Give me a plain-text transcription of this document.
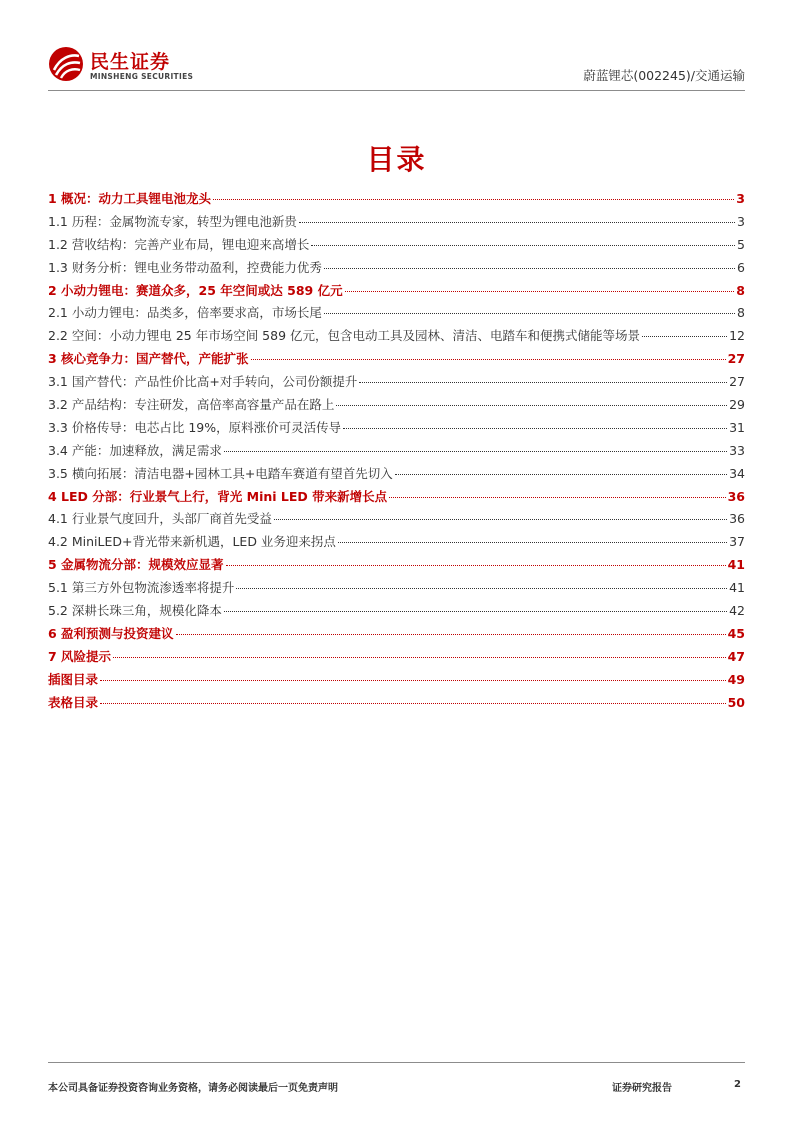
民生证券
MINSHENG SECURITIES	蔚蓝锂芯(002245)/交通运输
目录
1 概况：动力工具锂电池龙头	3
1.1 历程：金属物流专家，转型为锂电池新贵	3
1.2 营收结构：完善产业布局，锂电迎来高增长	5
1.3 财务分析：锂电业务带动盈利，控费能力优秀	6
2 小动力锂电：赛道众多，25 年空间或达 589 亿元	8
2.1 小动力锂电：品类多，倍率要求高，市场长尾	8
2.2 空间：小动力锂电 25 年市场空间 589 亿元，包含电动工具及园林、清洁、电踏车和便携式储能等场景	12
3 核心竞争力：国产替代，产能扩张	27
3.1 国产替代：产品性价比高+对手转向，公司份额提升	27
3.2 产品结构：专注研发，高倍率高容量产品在路上	29
3.3 价格传导：电芯占比 19%，原料涨价可灵活传导	31
3.4 产能：加速释放，满足需求	33
3.5 横向拓展：清洁电器+园林工具+电踏车赛道有望首先切入	34
4 LED 分部：行业景气上行，背光 Mini LED 带来新增长点	36
4.1 行业景气度回升，头部厂商首先受益	36
4.2 MiniLED+背光带来新机遇，LED 业务迎来拐点	37
5 金属物流分部：规模效应显著	41
5.1 第三方外包物流渗透率将提升	41
5.2 深耕长珠三角，规模化降本	42
6 盈利预测与投资建议	45
7 风险提示	47
插图目录	49
表格目录	50
本公司具备证券投资咨询业务资格，请务必阅读最后一页免责声明	证券研究报告	2
